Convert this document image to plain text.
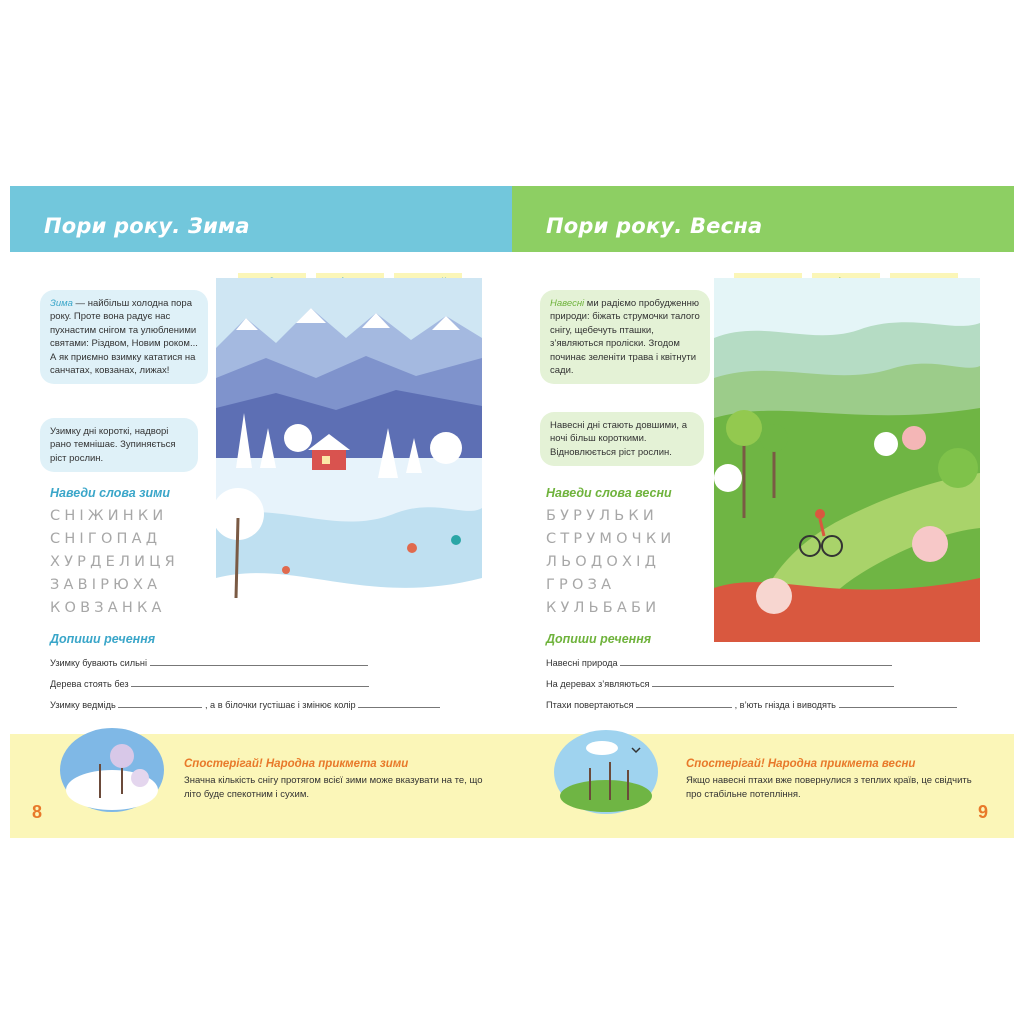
Пори року. Зима
Зима — найбільш холодна пора року. Проте вона радує нас пухнастим снігом та улюбленими святами: Різдвом, Новим роком... А як приємно взимку кататися на санчатах, ковзанах, лижах!
Узимку дні короткі, надворі рано темнішає. Зупиняється ріст рослин.
Наведи слова зими
СНІЖИНКИ
СНІГОПАД
ХУРДЕЛИЦЯ
ЗАВІРЮХА
КОВЗАНКА
Допиши речення
Узимку бувають сильні
Дерева стоять без
Узимку ведмідь	, а в білочки густішає і змінює колір
Пори року. Весна
Навесні ми радіємо пробудженню природи: біжать струмочки талого снігу, щебечуть пташки, з’являються проліски. Згодом починає зеленіти трава і квітнути сади.
Навесні дні стають довшими, а ночі більш короткими. Відновлюється ріст рослин.
Наведи слова весни
БУРУЛЬКИ
СТРУМОЧКИ
ЛЬОДОХІД
ГРОЗА
КУЛЬБАБИ
Допиши речення
Навесні природа
На деревах з’являються
Птахи повертаються	, в’ють гнізда і виводять
Спостерігай! Народна прикмета зими
Значна кількість снігу протягом всієї зими може вказувати на те, що літо буде спекотним і сухим.
8
Спостерігай! Народна прикмета весни
Якщо навесні птахи вже повернулися з теплих країв, це свідчить про стабільне потепління.
9
